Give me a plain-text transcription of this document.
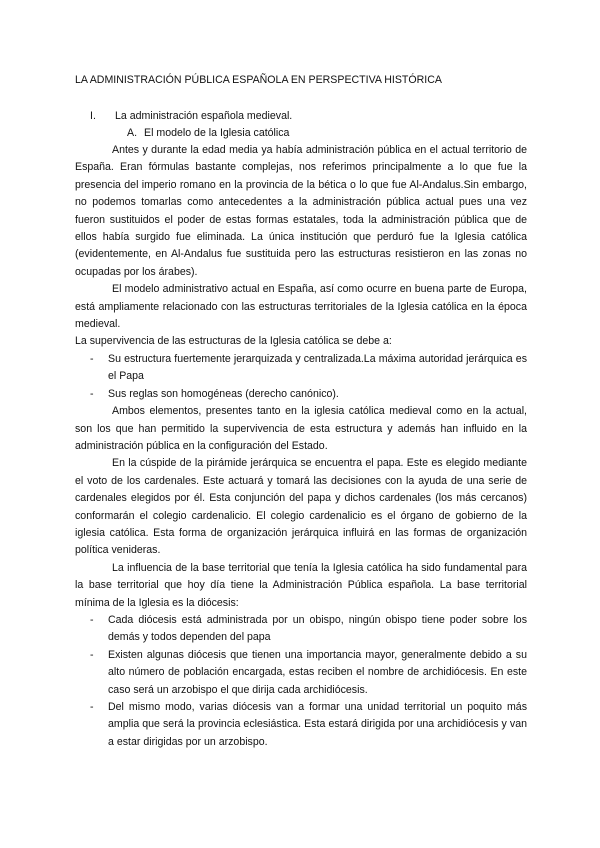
LA ADMINISTRACIÓN PÚBLICA ESPAÑOLA EN PERSPECTIVA HISTÓRICA
I. La administración española medieval.
A. El modelo de la Iglesia católica

Antes y durante la edad media ya había administración pública en el actual territorio de España. Eran fórmulas bastante complejas, nos referimos principalmente a lo que fue la presencia del imperio romano en la provincia de la bética o lo que fue Al-Andalus.Sin embargo, no podemos tomarlas como antecedentes a la administración pública actual pues una vez fueron sustituidos el poder de estas formas estatales, toda la administración pública que de ellos había surgido fue eliminada. La única institución que perduró fue la Iglesia católica (evidentemente, en Al-Andalus fue sustituida pero las estructuras resistieron en las zonas no ocupadas por los árabes).

El modelo administrativo actual en España, así como ocurre en buena parte de Europa, está ampliamente relacionado con las estructuras territoriales de la Iglesia católica en la época medieval.

La supervivencia de las estructuras de la Iglesia católica se debe a:

- Su estructura fuertemente jerarquizada y centralizada.La máxima autoridad jerárquica es el Papa
- Sus reglas son homogéneas (derecho canónico).

Ambos elementos, presentes tanto en la iglesia católica medieval como en la actual, son los que han permitido la supervivencia de esta estructura y además han influido en la administración pública en la configuración del Estado.

En la cúspide de la pirámide jerárquica se encuentra el papa. Este es elegido mediante el voto de los cardenales. Este actuará y tomará las decisiones con la ayuda de una serie de cardenales elegidos por él. Esta conjunción del papa y dichos cardenales (los más cercanos) conformarán el colegio cardenalicio. El colegio cardenalicio es el órgano de gobierno de la iglesia católica. Esta forma de organización jerárquica influirá en las formas de organización política venideras.

La influencia de la base territorial que tenía la Iglesia católica ha sido fundamental para la base territorial que hoy día tiene la Administración Pública española. La base territorial mínima de la Iglesia es la diócesis:

- Cada diócesis está administrada por un obispo, ningún obispo tiene poder sobre los demás y todos dependen del papa
- Existen algunas diócesis que tienen una importancia mayor, generalmente debido a su alto número de población encargada, estas reciben el nombre de archidiócesis. En este caso será un arzobispo el que dirija cada archidiócesis.
- Del mismo modo, varias diócesis van a formar una unidad territorial un poquito más amplia que será la provincia eclesiástica. Esta estará dirigida por una archidiócesis y van a estar dirigidas por un arzobispo.
